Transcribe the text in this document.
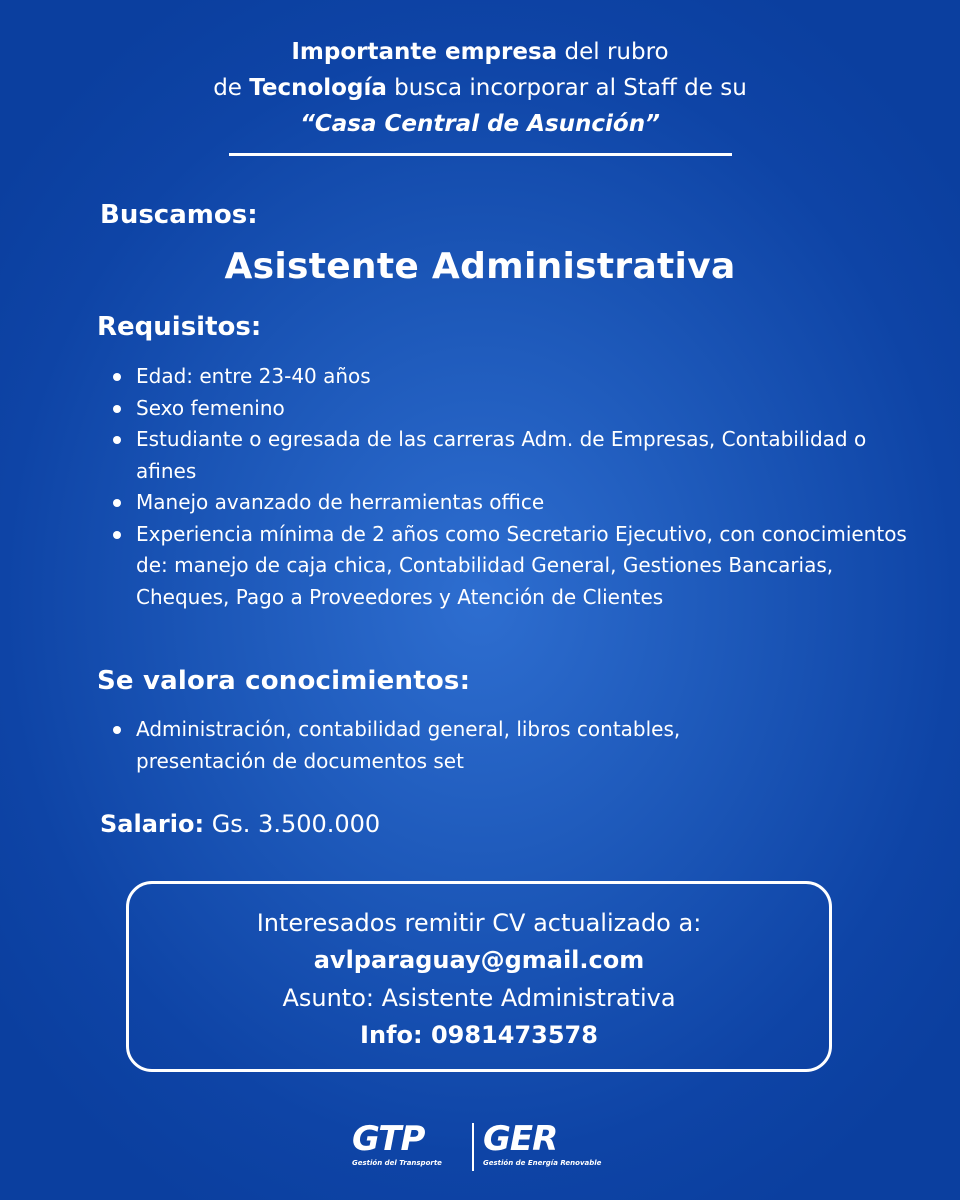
Importante empresa del rubro
de Tecnología busca incorporar al Staff de su
“Casa Central de Asunción”
Buscamos:
Asistente Administrativa
Requisitos:
Edad: entre 23-40 años
Sexo femenino
Estudiante o egresada de las carreras Adm. de Empresas, Contabilidad o afines
Manejo avanzado de herramientas office
Experiencia mínima de 2 años como Secretario Ejecutivo, con conocimientos de: manejo de caja chica, Contabilidad General, Gestiones Bancarias, Cheques, Pago a Proveedores y Atención de Clientes
Se valora conocimientos:
Administración, contabilidad general, libros contables, presentación de documentos set
Salario: Gs. 3.500.000
Interesados remitir CV actualizado a:
avlparaguay@gmail.com
Asunto: Asistente Administrativa
Info: 0981473578
GTP
Gestión del Transporte
GER
Gestión de Energía Renovable
